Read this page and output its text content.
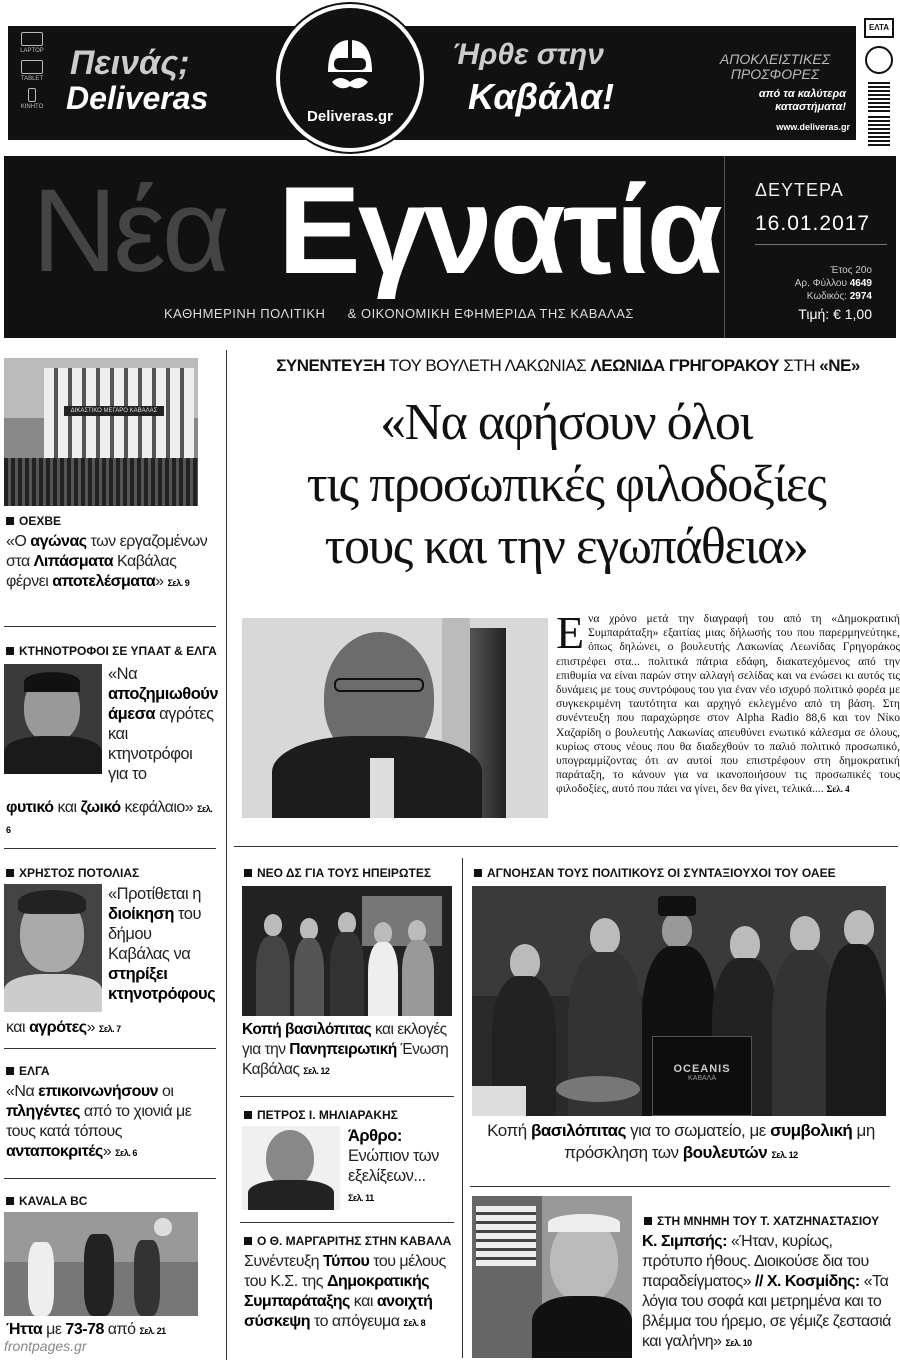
LAPTOP
TABLET
ΚΙΝΗΤΟ
Πεινάς;
Deliveras
Deliveras.gr
Ήρθε στην
Καβάλα!
ΑΠΟΚΛΕΙΣΤΙΚΕΣ ΠΡΟΣΦΟΡΕΣ
από τα καλύτερα καταστήματα!
www.deliveras.gr
ΕΛΤΑ
Νέα Εγνατία
ΚΑΘΗΜΕΡΙΝΗ ΠΟΛΙΤΙΚΗ & ΟΙΚΟΝΟΜΙΚΗ ΕΦΗΜΕΡΙΔΑ ΤΗΣ ΚΑΒΑΛΑΣ
ΔΕΥΤΕΡΑ
16.01.2017
Έτος 20ο
Αρ. Φύλλου 4649
Κωδικός: 2974
Τιμή: € 1,00
ΔΙΚΑΣΤΙΚΟ ΜΕΓΑΡΟ ΚΑΒΑΛΑΣ
ΟΕΧΒΕ
«Ο αγώνας των εργαζομένων στα Λιπάσματα Καβάλας φέρνει αποτελέσματα» Σελ. 9
ΚΤΗΝΟΤΡΟΦΟΙ ΣΕ ΥΠΑΑΤ & ΕΛΓΑ
«Να αποζημιωθούν άμεσα αγρότες και κτηνοτρόφοι για το
φυτικό και ζωικό κεφάλαιο» Σελ. 6
ΧΡΗΣΤΟΣ ΠΟΤΟΛΙΑΣ
«Προτίθεται η διοίκηση του δήμου Καβάλας να στηρίξει κτηνοτρόφους
και αγρότες» Σελ. 7
ΕΛΓΑ
«Να επικοινωνήσουν οι πληγέντες από το χιονιά με τους κατά τόπους ανταποκριτές» Σελ. 6
KAVALA BC
Ήττα με 73-78 από Σελ. 21
frontpages.gr
ΣΥΝΕΝΤΕΥΞΗ ΤΟΥ ΒΟΥΛΕΤΗ ΛΑΚΩΝΙΑΣ ΛΕΩΝΙΔΑ ΓΡΗΓΟΡΑΚΟΥ ΣΤΗ «ΝΕ»
«Να αφήσουν όλοι
τις προσωπικές φιλοδοξίες
τους και την εγωπάθεια»
Ενα χρόνο μετά την διαγραφή του από τη «Δημοκρατική Συμπαράταξη» εξαιτίας μιας δήλωσής του που παρερμηνεύτηκε, όπως δηλώνει, ο βουλευτής Λακωνίας Λεωνίδας Γρηγοράκος επιστρέφει στα... πολιτικά πάτρια εδάφη, διακατεχόμενος από την επιθυμία να είναι παρών στην αλλαγή σελίδας και να ενώσει κι αυτός τις δυνάμεις με τους συντρόφους του για έναν νέο ισχυρό πολιτικό φορέα με συγκεκριμένη ταυτότητα και αρχηγό εκλεγμένο από τη βάση. Στη συνέντευξη που παραχώρησε στον Alpha Radio 88,6 και τον Νίκο Χαζαρίδη ο βουλευτής Λακωνίας απευθύνει ενωτικό κάλεσμα σε όλους, κυρίως στους νέους που θα διαδεχθούν το παλιό πολιτικό προσωπικό, υπογραμμίζοντας ότι αν αυτοί που επιστρέφουν στη δημοκρατική παράταξη, το κάνουν για να ικανοποιήσουν τις προσωπικές τους φιλοδοξίες, αυτό που πάει να γίνει, δεν θα γίνει, τελικά.... Σελ. 4
ΝΕΟ ΔΣ ΓΙΑ ΤΟΥΣ ΗΠΕΙΡΩΤΕΣ
Κοπή βασιλόπιτας και εκλογές για την Πανηπειρωτική Ένωση Καβάλας Σελ. 12
ΠΕΤΡΟΣ Ι. ΜΗΛΙΑΡΑΚΗΣ
Άρθρο:
Ενώπιον των εξελίξεων...
Σελ. 11
Ο Θ. ΜΑΡΓΑΡΙΤΗΣ ΣΤΗΝ ΚΑΒΑΛΑ
Συνέντευξη Τύπου του μέλους του Κ.Σ. της Δημοκρατικής Συμπαράταξης και ανοιχτή σύσκεψη το απόγευμα Σελ. 8
ΑΓΝΟΗΣΑΝ ΤΟΥΣ ΠΟΛΙΤΙΚΟΥΣ ΟΙ ΣΥΝΤΑΞΙΟΥΧΟΙ ΤΟΥ ΟΑΕΕ
OCEANIS
ΚΑΒΑΛΑ
Κοπή βασιλόπιτας για το σωματείο, με συμβολική μη πρόσκληση των βουλευτών Σελ. 12
ΣΤΗ ΜΝΗΜΗ ΤΟΥ Τ. ΧΑΤΖΗΝΑΣΤΑΣΙΟΥ
Κ. Σιμπσής: «Ήταν, κυρίως, πρότυπο ήθους. Διοικούσε δια του παραδείγματος» // Χ. Κοσμίδης: «Τα λόγια του σοφά και μετρημένα και το βλέμμα του ήρεμο, σε γέμιζε ζεστασιά και γαλήνη» Σελ. 10
